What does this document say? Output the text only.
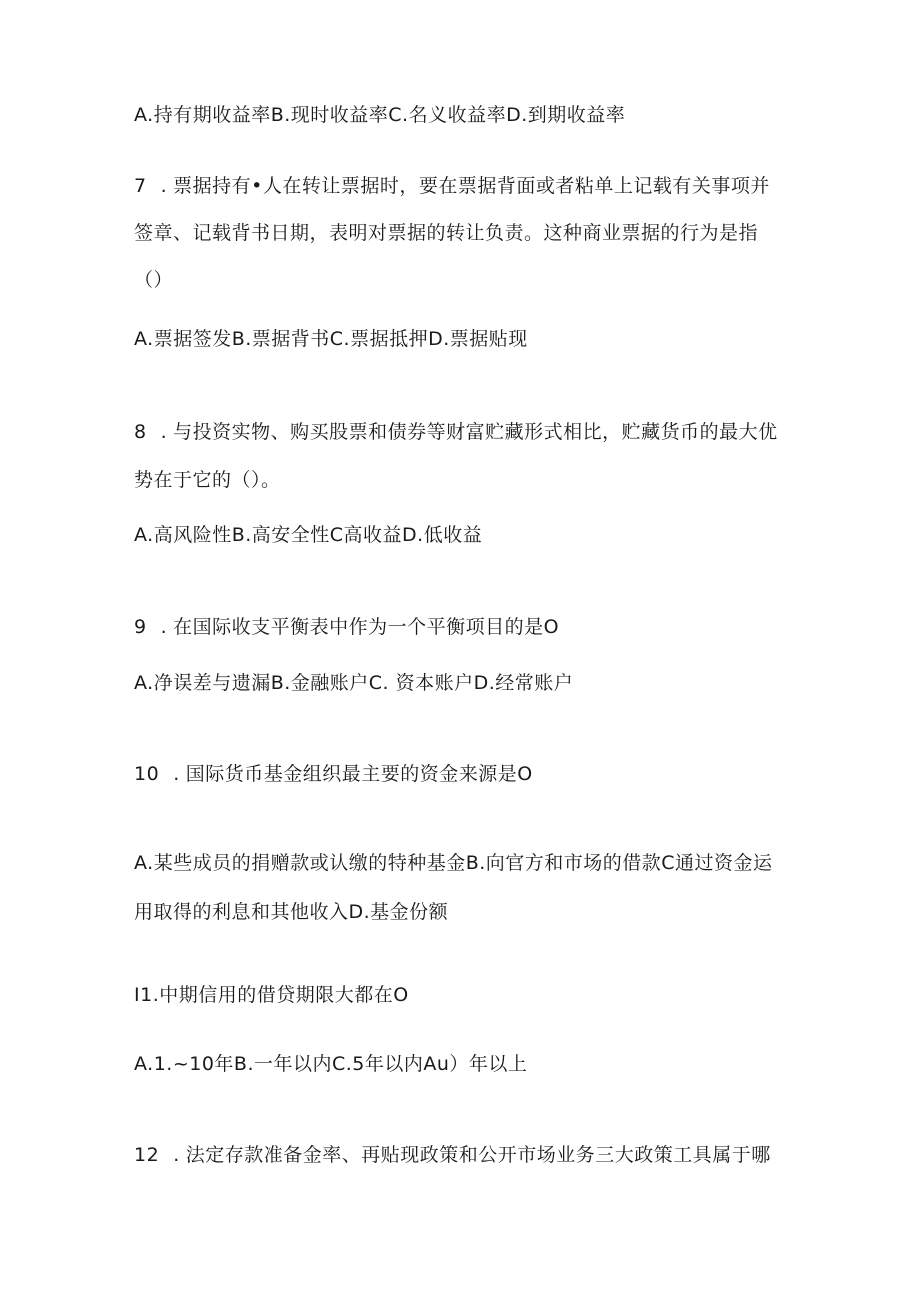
A.持有期收益率B.现时收益率C.名义收益率D.到期收益率
7 . 票据持有•人在转让票据时，要在票据背面或者粘单上记载有关事项并
签章、记载背书日期，表明对票据的转让负责。这种商业票据的行为是指
（）
A.票据签发B.票据背书C.票据抵押D.票据贴现
8 . 与投资实物、购买股票和债券等财富贮藏形式相比，贮藏货币的最大优
势在于它的（）。
A.高风险性B.高安全性C高收益D.低收益
9 . 在国际收支平衡表中作为一个平衡项目的是O
A.净误差与遗漏B.金融账户C. 资本账户D.经常账户
10 . 国际货币基金组织最主要的资金来源是O
A.某些成员的捐赠款或认缴的特种基金B.向官方和市场的借款C通过资金运
用取得的利息和其他收入D.基金份额
I1.中期信用的借贷期限大都在O
A.1.~10年B.一年以内C.5年以内Au）年以上
12 . 法定存款准备金率、再贴现政策和公开市场业务三大政策工具属于哪
